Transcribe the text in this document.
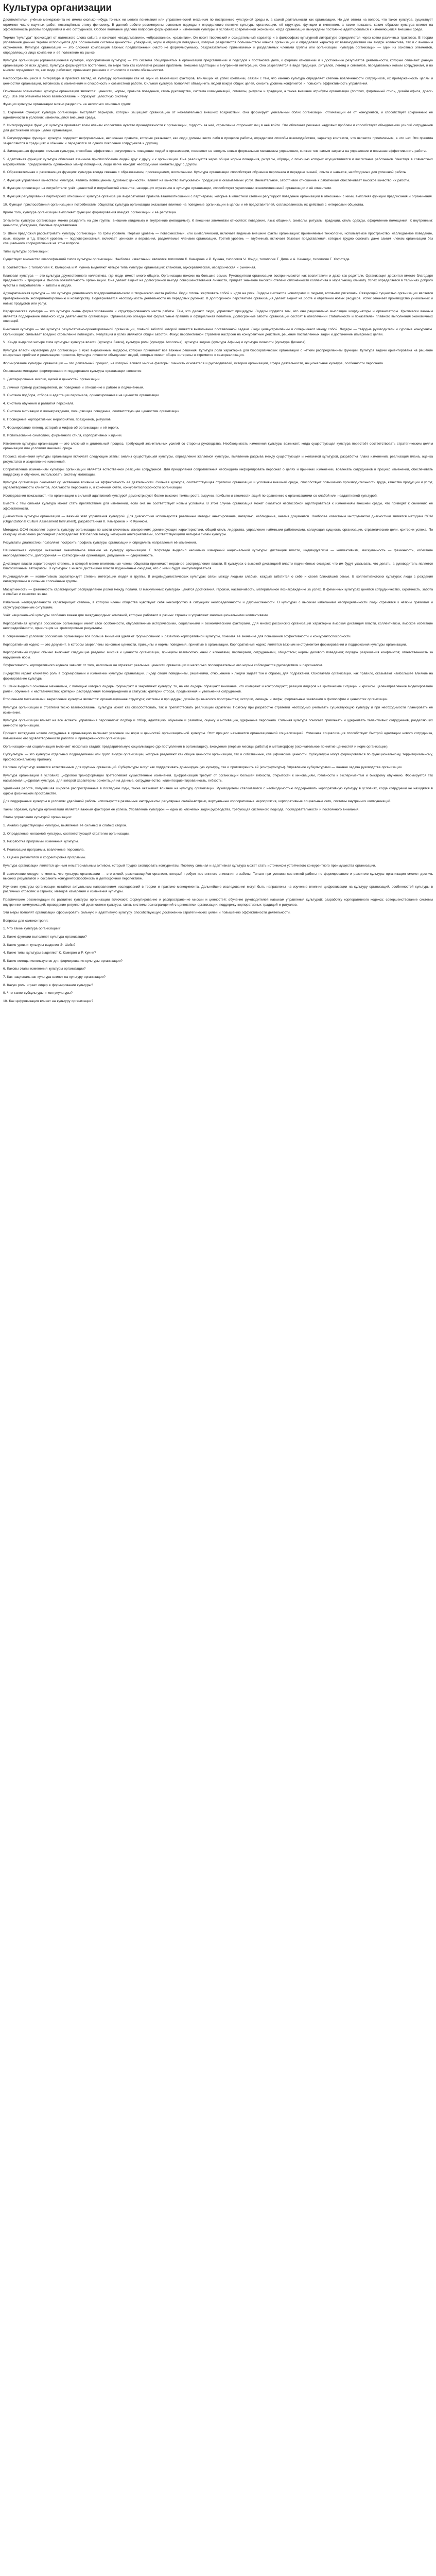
Культура организации

Десятилетиями, учёные менеджмента не имели сколько-нибудь точных ни целого понимания или управленческий механизм по построению культурной среды и, а самой деятельности как организации. Но для ответа на вопрос, что такое культура, существует огромное число научных работ, посвящённых этому феномену. В данной работе рассмотрены основные подходы к определению понятия культуры организации, её структура, функции и типология, а также показано, каким образом культура влияет на эффективность работы предприятия и его сотрудников. Особое внимание уделено вопросам формирования и изменения культуры в условиях современной экономики, когда организации вынуждены постоянно адаптироваться к изменяющейся внешней среде.

Термин "культура" происходит от латинского слова cultura и означает «возделывание», «образование», «развитие». Он носит творческий и созидательный характер и в философско-культурной литературе определяется через сотни различных трактовок. В теории управления данный термин используется для обозначения системы ценностей, убеждений, норм и образцов поведения, которые разделяются большинством членов организации и определяют характер их взаимодействия как внутри коллектива, так и с внешним окружением. Культура организации — это сложная композиция важных предположений (часто не формулируемых), бездоказательно принимаемых и разделяемых членами группы или организации. Культура организации — один из основных элементов, определяющих лицо компании и её положение на рынке.

Культура организации (организационная культура, корпоративная культура) — это система общепринятых в организации представлений и подходов к постановке дела, к формам отношений и к достижению результатов деятельности, которые отличают данную организацию от всех других. Культура формируется постепенно, по мере того как коллектив решает проблемы внешней адаптации и внутренней интеграции. Она закрепляется в виде традиций, ритуалов, легенд и символов, передаваемых новым сотрудникам, и во многом определяет то, как люди работают, принимают решения и относятся к своим обязанностям.

Распространяющийся в литературе и практике взгляд на культуру организации как на один из важнейших факторов, влияющих на успех компании, связан с тем, что именно культура определяет степень вовлечённости сотрудников, их приверженность целям и ценностям организации, готовность к изменениям и способность к совместной работе. Сильная культура позволяет объединить людей вокруг общих целей, снизить уровень конфликтов и повысить эффективность управления.

Основными элементами культуры организации являются: ценности, нормы, правила поведения, стиль руководства, система коммуникаций, символы, ритуалы и традиции, а также внешние атрибуты организации (логотип, фирменный стиль, дизайн офиса, дресс-код). Все эти элементы тесно взаимосвязаны и образуют целостную систему.

Функции культуры организации можно разделить на несколько основных групп:

1. Охранная функция: культура организации выступает барьером, который защищает организацию от нежелательных внешних воздействий. Она формирует уникальный облик организации, отличающий её от конкурентов, и способствует сохранению её идентичности в условиях изменяющейся внешней среды.

2. Интегрирующая функция: культура прививает всем членам коллектива чувство принадлежности к организации, гордость за неё, стремление сторонних лиц в неё войти. Это облегчает решение кадровых проблем и способствует объединению усилий сотрудников для достижения общих целей организации.

3. Регулирующая функция: культура содержит неформальные, неписаные правила, которые указывают, как люди должны вести себя в процессе работы, определяют способы взаимодействия, характер контактов, что является приемлемым, а что нет. Эти правила закрепляются в традициях и обычаях и передаются от одного поколения сотрудников к другому.

4. Замещающая функция: сильная культура, способная эффективно регулировать поведение людей в организации, позволяет не вводить новые формальные механизмы управления, снижая тем самым затраты на управление и повышая эффективность работы.

5. Адаптивная функция: культура облегчает взаимное приспособление людей друг к другу и к организации. Она реализуется через общие нормы поведения, ритуалы, обряды, с помощью которых осуществляется и воспитание работников. Участвуя в совместных мероприятиях, придерживаясь одинаковых манер поведения, люди легче находят необходимые контакты друг с другом.

6. Образовательная и развивающая функция: культура всегда связана с образованием, просвещением, воспитанием. Культура организации способствует обучению персонала и передаче знаний, опыта и навыков, необходимых для успешной работы.

7. Функция управления качеством: культура, являясь воплощением духовных ценностей, влияет на качество выпускаемой продукции и оказываемых услуг. Внимательное, заботливое отношение к работникам обеспечивает высокое качество их работы.

8. Функция ориентации на потребителя: учёт ценностей и потребностей клиентов, находящих отражение в культуре организации, способствует укреплению взаимоотношений организации с её клиентами.

9. Функция регулирования партнёрских отношений: культура организации вырабатывает правила взаимоотношений с партнёрами, которые в известной степени регулируют поведение организации в отношении с ними, выполняя функции предписания и ограничения.

10. Функция приспособления организации к потребностям общества: культура организации оказывает влияние на поведение организации в целом и её представителей, согласованность их действий с интересами общества.

Кроме того, культура организации выполняет функцию формирования имиджа организации и её репутации.

Элементы культуры организации можно разделить на две группы: внешние (видимые) и внутренние (невидимые). К внешним элементам относятся: поведение, язык общения, символы, ритуалы, традиции, стиль одежды, оформление помещений. К внутренним: ценности, убеждения, базовые представления.

Э. Шейн предложил рассматривать культуру организации по трём уровням. Первый уровень — поверхностный, или символический, включает видимые внешние факты организации: применяемые технологии, используемое пространство, наблюдаемое поведение, язык, лозунги и т.д. Второй уровень — подповерхностный, включает ценности и верования, разделяемые членами организации. Третий уровень — глубинный, включает базовые представления, которые трудно осознать даже самим членам организации без специального сосредоточения на этом вопросе.

Типы культуры организации:

Существует множество классификаций типов культуры организации. Наиболее известными являются типология К. Камерона и Р. Куинна, типология Ч. Хэнди, типология Т. Дила и А. Кеннеди, типология Г. Хофстеде.

В соответствии с типологией К. Камерона и Р. Куинна выделяют четыре типа культуры организации: клановая, адхократическая, иерархическая и рыночная.

Клановая культура — это культура дружественного коллектива, где люди имеют много общего. Организации похожи на большие семьи. Руководители организации воспринимаются как воспитатели и даже как родители. Организация держится вместе благодаря преданности и традициям. Высока обязательность организации. Она делает акцент на долгосрочной выгоде совершенствования личности, придаёт значение высокой степени сплочённости коллектива и моральному климату. Успех определяется в терминах доброго чувства к потребителям и заботы о людях.

Адхократическая культура — это культура динамичного предпринимательского и творческого места работы. Люди готовы жертвовать собой и идти на риск. Лидеры считаются новаторами и людьми, готовыми рисковать. Связующей сущностью организации является приверженность экспериментированию и новаторству. Подчёркивается необходимость деятельности на передовых рубежах. В долгосрочной перспективе организация делает акцент на росте и обретении новых ресурсов. Успех означает производство уникальных и новых продуктов или услуг.

Иерархическая культура — это культура очень формализованного и структурированного места работы. Тем, что делают люди, управляют процедуры. Лидеры гордятся тем, что они рационально мыслящие координаторы и организаторы. Критически важным является поддержание плавного хода деятельности организации. Организацию объединяют формальные правила и официальная политика. Долгосрочные заботы организации состоят в обеспечении стабильности и показателей плавного выполнения экономичных операций.

Рыночная культура — это культура результативно-ориентированной организации, главной заботой которой является выполнение поставленной задачи. Люди целеустремлённы и соперничают между собой. Лидеры — твёрдые руководители и суровые конкуренты. Организацию связывает воедино стремление побеждать. Репутация и успех являются общей заботой. Фокус перспективной стратегии настроен на конкурентные действия, решение поставленных задач и достижение измеримых целей.

Ч. Хэнди выделил четыре типа культуры: культура власти (культура Зевса), культура роли (культура Аполлона), культура задачи (культура Афины) и культура личности (культура Диониса).

Культура власти характерна для организаций с ярко выраженным лидером, который принимает все важные решения. Культура роли характерна для бюрократических организаций с чётким распределением функций. Культура задачи ориентирована на решение конкретных проблем и реализацию проектов. Культура личности объединяет людей, которые имеют общие интересы и стремятся к самореализации.

Формирование культуры организации — это длительный процесс, на который влияют многие факторы: личность основателя и руководителей, история организации, сфера деятельности, национальная культура, особенности персонала.

Основными методами формирования и поддержания культуры организации являются:

1. Декларирование миссии, целей и ценностей организации.

2. Личный пример руководителей, их поведение и отношение к работе и подчинённым.

3. Система подбора, отбора и адаптации персонала, ориентированная на ценности организации.

4. Система обучения и развития персонала.

5. Система мотивации и вознаграждения, поощряющая поведение, соответствующее ценностям организации.

6. Проведение корпоративных мероприятий, праздников, ритуалов.

7. Формирование легенд, историй и мифов об организации и её героях.

8. Использование символики, фирменного стиля, корпоративных изданий.

Изменение культуры организации — это сложный и длительный процесс, требующий значительных усилий со стороны руководства. Необходимость изменения культуры возникает, когда существующая культура перестаёт соответствовать стратегическим целям организации или условиям внешней среды.

Процесс изменения культуры организации включает следующие этапы: анализ существующей культуры, определение желаемой культуры, выявление разрыва между существующей и желаемой культурой, разработка плана изменений, реализация плана, оценка результатов и закрепление изменений.

Сопротивление изменениям культуры организации является естественной реакцией сотрудников. Для преодоления сопротивления необходимо информировать персонал о целях и причинах изменений, вовлекать сотрудников в процесс изменений, обеспечивать поддержку и обучение, использовать систему мотивации.

Культура организации оказывает существенное влияние на эффективность её деятельности. Сильная культура, соответствующая стратегии организации и условиям внешней среды, способствует повышению производительности труда, качества продукции и услуг, удовлетворённости клиентов, лояльности персонала и, в конечном счёте, конкурентоспособности организации.

Исследования показывают, что организации с сильной адаптивной культурой демонстрируют более высокие темпы роста выручки, прибыли и стоимости акций по сравнению с организациями со слабой или неадаптивной культурой.

Вместе с тем сильная культура может стать препятствием для изменений, если она не соответствует новым условиям. В этом случае организация может оказаться неспособной адаптироваться к изменениям внешней среды, что приведёт к снижению её эффективности.

Диагностика культуры организации — важный этап управления культурой. Для диагностики используются различные методы: анкетирование, интервью, наблюдение, анализ документов. Наиболее известным инструментом диагностики является методика OCAI (Organizational Culture Assessment Instrument), разработанная К. Камероном и Р. Куинном.

Методика OCAI позволяет оценить культуру организации по шести ключевым измерениям: доминирующие характеристики, общий стиль лидерства, управление наёмными работниками, связующая сущность организации, стратегические цели, критерии успеха. По каждому измерению респондент распределяет 100 баллов между четырьмя альтернативами, соответствующими четырём типам культуры.

Результаты диагностики позволяют построить профиль культуры организации и определить направления её изменения.

Национальная культура оказывает значительное влияние на культуру организации. Г. Хофстеде выделил несколько измерений национальной культуры: дистанция власти, индивидуализм — коллективизм, маскулинность — феминность, избегание неопределённости, долгосрочная — краткосрочная ориентация, допущение — сдержанность.

Дистанция власти характеризует степень, в которой менее влиятельные члены общества принимают неравное распределение власти. В культурах с высокой дистанцией власти подчинённые ожидают, что им будут указывать, что делать, а руководитель является благосклонным автократом. В культурах с низкой дистанцией власти подчинённые ожидают, что с ними будут консультироваться.

Индивидуализм — коллективизм характеризует степень интеграции людей в группы. В индивидуалистических культурах связи между людьми слабые, каждый заботится о себе и своей ближайшей семье. В коллективистских культурах люди с рождения интегрированы в сильные сплочённые группы.

Маскулинность — феминность характеризует распределение ролей между полами. В маскулинных культурах ценятся достижения, героизм, настойчивость, материальное вознаграждение за успех. В феминных культурах ценятся сотрудничество, скромность, забота о слабых и качество жизни.

Избегание неопределённости характеризует степень, в которой члены общества чувствуют себя некомфортно в ситуациях неопределённости и двусмысленности. В культурах с высоким избеганием неопределённости люди стремятся к чётким правилам и структурированным ситуациям.

Учёт национальной культуры особенно важен для международных компаний, которые работают в разных странах и управляют многонациональными коллективами.

Корпоративная культура российских организаций имеет свои особенности, обусловленные историческими, социальными и экономическими факторами. Для многих российских организаций характерны высокая дистанция власти, коллективизм, высокое избегание неопределённости, ориентация на краткосрочные результаты.

В современных условиях российские организации всё больше внимания уделяют формированию и развитию корпоративной культуры, понимая её значение для повышения эффективности и конкурентоспособности.

Корпоративный кодекс — это документ, в котором закреплены основные ценности, принципы и нормы поведения, принятые в организации. Корпоративный кодекс является важным инструментом формирования и поддержания культуры организации.

Корпоративный кодекс обычно включает следующие разделы: миссия и ценности организации, принципы взаимоотношений с клиентами, партнёрами, сотрудниками, обществом; нормы делового поведения; порядок разрешения конфликтов; ответственность за нарушение норм.

Эффективность корпоративного кодекса зависит от того, насколько он отражает реальные ценности организации и насколько последовательно его нормы соблюдаются руководством и персоналом.

Лидерство играет ключевую роль в формировании и изменении культуры организации. Лидер своим поведением, решениями, отношением к людям задаёт тон и образец для подражания. Основатели организаций, как правило, оказывают наибольшее влияние на формирование культуры.

Э. Шейн выделил основные механизмы, с помощью которых лидеры формируют и закрепляют культуру: то, на что лидеры обращают внимание, что измеряют и контролируют; реакция лидеров на критические ситуации и кризисы; целенаправленное моделирование ролей, обучение и наставничество; критерии распределения вознаграждений и статусов; критерии отбора, продвижения и увольнения сотрудников.

Вторичными механизмами закрепления культуры являются: организационная структура; системы и процедуры; дизайн физического пространства; истории, легенды и мифы; формальные заявления о философии и ценностях организации.

Культура организации и стратегия тесно взаимосвязаны. Культура может как способствовать, так и препятствовать реализации стратегии. Поэтому при разработке стратегии необходимо учитывать существующую культуру и при необходимости планировать её изменение.

Культура организации влияет на все аспекты управления персоналом: подбор и отбор, адаптацию, обучение и развитие, оценку и мотивацию, удержание персонала. Сильная культура помогает привлекать и удерживать талантливых сотрудников, разделяющих ценности организации.

Процесс вхождения нового сотрудника в организацию включает усвоение им норм и ценностей организационной культуры. Этот процесс называется организационной социализацией. Успешная социализация способствует быстрой адаптации нового сотрудника, повышению его удовлетворённости работой и приверженности организации.

Организационная социализация включает несколько стадий: предварительную социализацию (до поступления в организацию), вхождение (первые месяцы работы) и метаморфозу (окончательное принятие ценностей и норм организации).

Субкультуры — это культуры отдельных подразделений или групп внутри организации, которые разделяют как общие ценности организации, так и собственные, специфические ценности. Субкультуры могут формироваться по функциональному, территориальному, профессиональному признаку.

Наличие субкультур является естественным для крупных организаций. Субкультуры могут как поддерживать доминирующую культуру, так и противоречить ей (контркультуры). Управление субкультурами — важная задача руководства организации.

Культура организации в условиях цифровой трансформации претерпевает существенные изменения. Цифровизация требует от организаций большей гибкости, открытости к инновациям, готовности к экспериментам и быстрому обучению. Формируется так называемая цифровая культура, для которой характерны ориентация на данные, сотрудничество, клиентоориентированность, гибкость.

Удалённая работа, получившая широкое распространение в последние годы, также оказывает влияние на культуру организации. Руководители сталкиваются с необходимостью поддерживать корпоративную культуру в условиях, когда сотрудники не находятся в одном физическом пространстве.

Для поддержания культуры в условиях удалённой работы используются различные инструменты: регулярные онлайн-встречи, виртуальные корпоративные мероприятия, корпоративные социальные сети, системы внутренних коммуникаций.

Таким образом, культура организации является важным фактором её успеха. Управление культурой — одна из ключевых задач руководства, требующая системного подхода, последовательности и постоянного внимания.

Этапы управления культурой организации:

1. Анализ существующей культуры, выявление её сильных и слабых сторон.

2. Определение желаемой культуры, соответствующей стратегии организации.

3. Разработка программы изменения культуры.

4. Реализация программы, вовлечение персонала.

5. Оценка результатов и корректировка программы.

Культура организации является ценным нематериальным активом, который трудно скопировать конкурентам. Поэтому сильная и адаптивная культура может стать источником устойчивого конкурентного преимущества организации.

В заключение следует отметить, что культура организации — это живой, развивающийся организм, который требует постоянного внимания и заботы. Только при условии системной работы по формированию и развитию культуры организация сможет достичь высоких результатов и сохранить конкурентоспособность в долгосрочной перспективе.

Изучение культуры организации остаётся актуальным направлением исследований в теории и практике менеджмента. Дальнейшие исследования могут быть направлены на изучение влияния цифровизации на культуру организаций, особенностей культуры в различных отраслях и странах, методов измерения и изменения культуры.

Практические рекомендации по развитию культуры организации включают: формулирование и распространение миссии и ценностей; обучение руководителей навыкам управления культурой; разработку корпоративного кодекса; совершенствование системы внутренних коммуникаций; проведение регулярной диагностики культуры; связь системы вознаграждений с ценностями организации; поддержку корпоративных традиций и ритуалов.

Эти меры позволят организации сформировать сильную и адаптивную культуру, способствующую достижению стратегических целей и повышению эффективности деятельности.

Вопросы для самоконтроля:

1. Что такое культура организации?

2. Какие функции выполняет культура организации?

3. Какие уровни культуры выделил Э. Шейн?

4. Какие типы культуры выделяют К. Камерон и Р. Куинн?

5. Какие методы используются для формирования культуры организации?

6. Каковы этапы изменения культуры организации?

7. Как национальная культура влияет на культуру организации?

8. Какую роль играет лидер в формировании культуры?

9. Что такое субкультуры и контркультуры?

10. Как цифровизация влияет на культуру организации?
